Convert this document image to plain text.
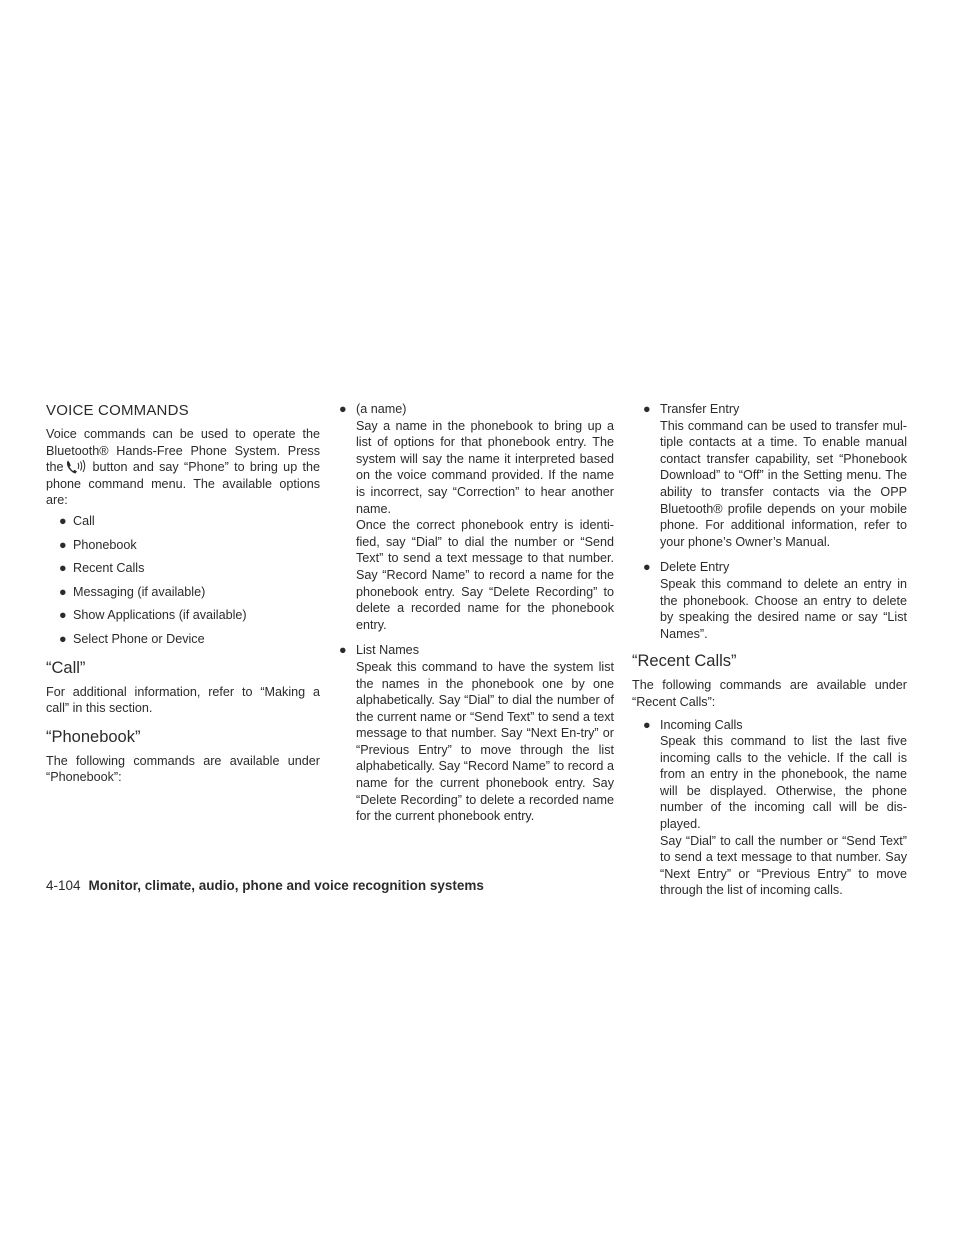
VOICE COMMANDS

Voice commands can be used to operate the Bluetooth® Hands-Free Phone System. Press the button and say “Phone” to bring up the phone command menu. The available options are:

● Call
● Phonebook
● Recent Calls
● Messaging (if available)
● Show Applications (if available)
● Select Phone or Device
“Call”

For additional information, refer to “Making a call” in this section.

“Phonebook”

The following commands are available under “Phonebook”:

● (a name)

Say a name in the phonebook to bring up a list of options for that phonebook entry. The system will say the name it interpreted based on the voice command provided. If the name is incorrect, say “Correction” to hear another name.

Once the correct phonebook entry is identi-fied, say “Dial” to dial the number or “Send Text” to send a text message to that number. Say “Record Name” to record a name for the phonebook entry. Say “Delete Recording” to delete a recorded name for the phonebook entry.

● List Names

Speak this command to have the system list the names in the phonebook one by one alphabetically. Say “Dial” to dial the number of the current name or “Send Text” to send a text message to that number. Say “Next En-try” or “Previous Entry” to move through the list alphabetically. Say “Record Name” to record a name for the current phonebook entry. Say “Delete Recording” to delete a recorded name for the current phonebook entry.

● Transfer Entry

This command can be used to transfer mul-tiple contacts at a time. To enable manual contact transfer capability, set “Phonebook Download” to “Off” in the Setting menu. The ability to transfer contacts via the OPP Bluetooth® profile depends on your mobile phone. For additional information, refer to your phone’s Owner’s Manual.

● Delete Entry

Speak this command to delete an entry in the phonebook. Choose an entry to delete by speaking the desired name or say “List Names”.

“Recent Calls”

The following commands are available under “Recent Calls”:

● Incoming Calls

Speak this command to list the last five incoming calls to the vehicle. If the call is from an entry in the phonebook, the name will be displayed. Otherwise, the phone number of the incoming call will be dis-played.

Say “Dial” to call the number or “Send Text” to send a text message to that number. Say “Next Entry” or “Previous Entry” to move through the list of incoming calls.

4-104 Monitor, climate, audio, phone and voice recognition systems
